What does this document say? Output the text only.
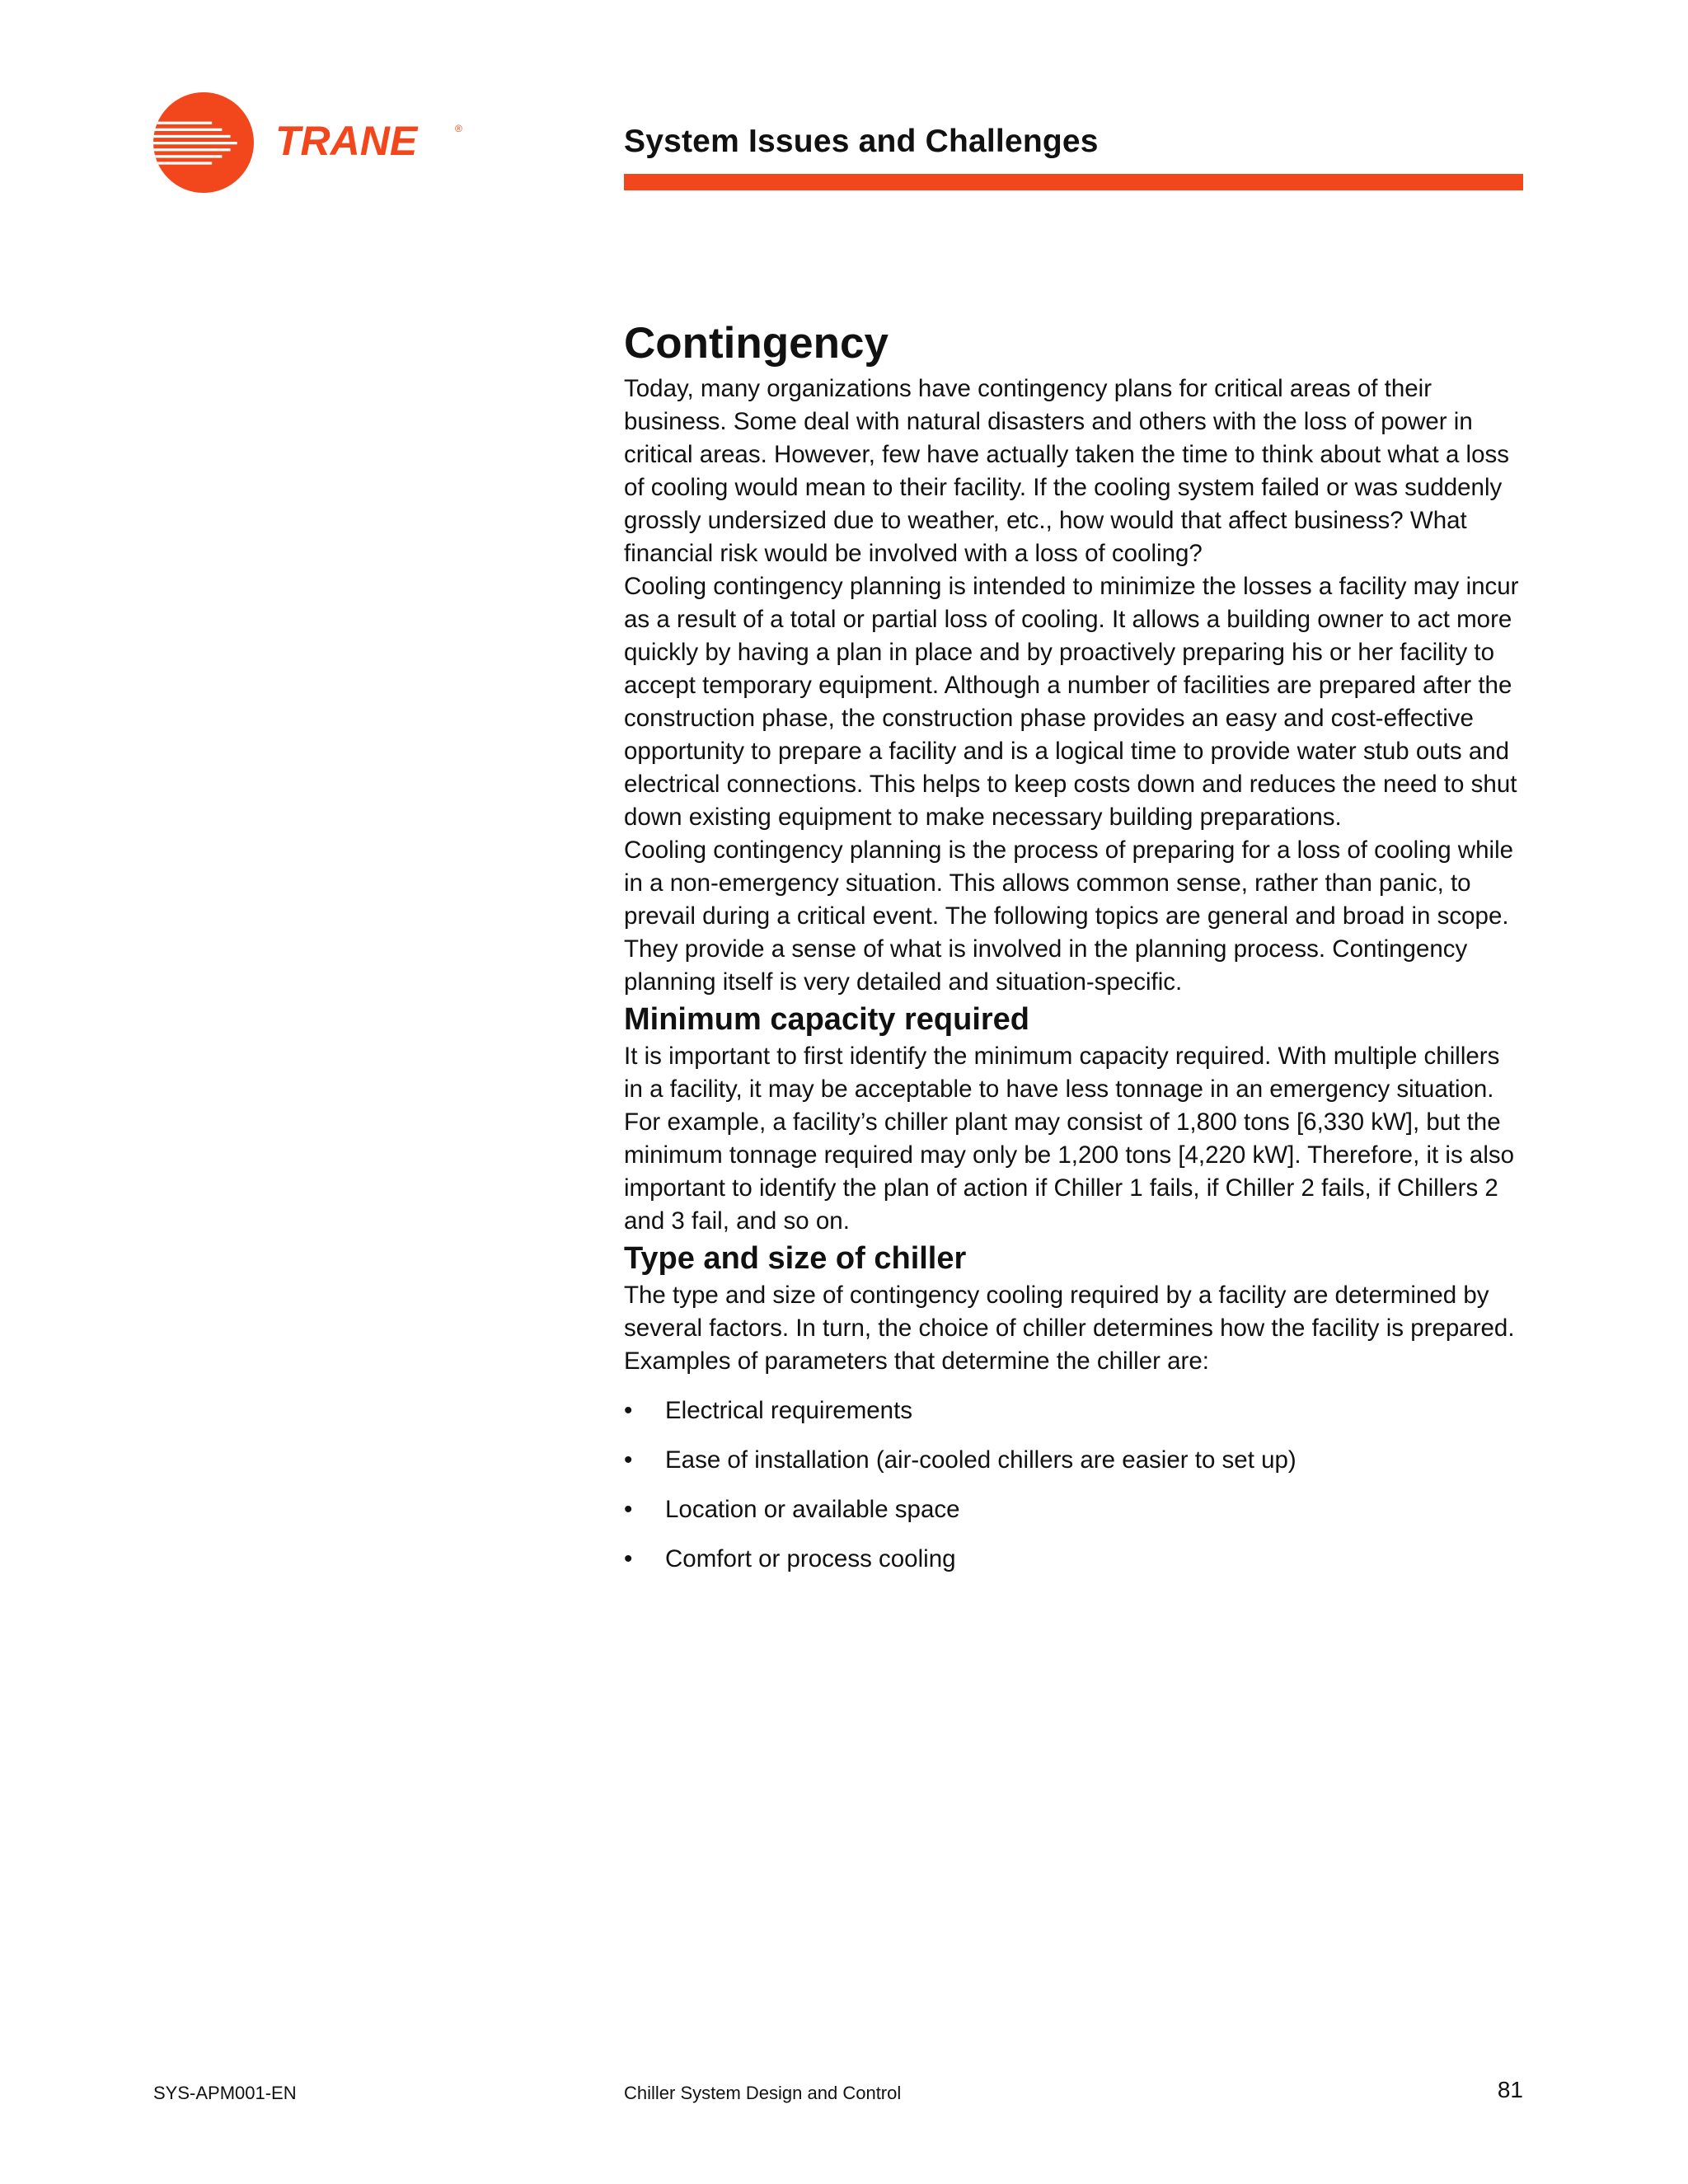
TRANE	®	System Issues and Challenges
Contingency

Today, many organizations have contingency plans for critical areas of their business. Some deal with natural disasters and others with the loss of power in critical areas. However, few have actually taken the time to think about what a loss of cooling would mean to their facility. If the cooling system failed or was suddenly grossly undersized due to weather, etc., how would that affect business? What financial risk would be involved with a loss of cooling?

Cooling contingency planning is intended to minimize the losses a facility may incur as a result of a total or partial loss of cooling. It allows a building owner to act more quickly by having a plan in place and by proactively preparing his or her facility to accept temporary equipment. Although a number of facilities are prepared after the construction phase, the construction phase provides an easy and cost-effective opportunity to prepare a facility and is a logical time to provide water stub outs and electrical connections. This helps to keep costs down and reduces the need to shut down existing equipment to make necessary building preparations.

Cooling contingency planning is the process of preparing for a loss of cooling while in a non-emergency situation. This allows common sense, rather than panic, to prevail during a critical event. The following topics are general and broad in scope. They provide a sense of what is involved in the planning process. Contingency planning itself is very detailed and situation-specific.

Minimum capacity required

It is important to first identify the minimum capacity required. With multiple chillers in a facility, it may be acceptable to have less tonnage in an emergency situation. For example, a facility’s chiller plant may consist of 1,800 tons [6,330 kW], but the minimum tonnage required may only be 1,200 tons [4,220 kW]. Therefore, it is also important to identify the plan of action if Chiller 1 fails, if Chiller 2 fails, if Chillers 2 and 3 fail, and so on.

Type and size of chiller

The type and size of contingency cooling required by a facility are determined by several factors. In turn, the choice of chiller determines how the facility is prepared. Examples of parameters that determine the chiller are:

• Electrical requirements
• Ease of installation (air-cooled chillers are easier to set up)
• Location or available space
• Comfort or process cooling
SYS-APM001-EN	Chiller System Design and Control	81
